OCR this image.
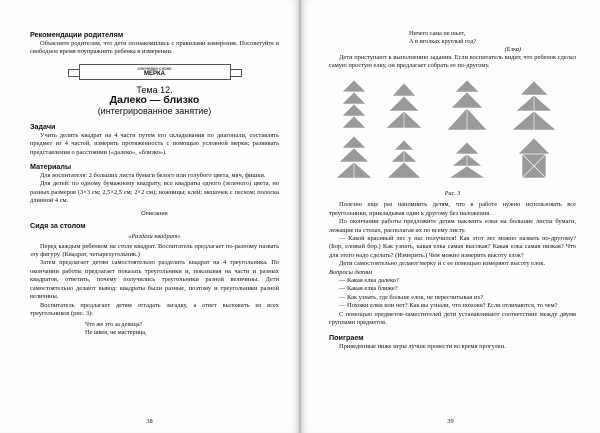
Рекомендации родителям

Объясните родителям, что дети познакомились с правилами измерения. Посоветуйте в свободное время поупражнять ребенка в измерении.

ключевое слово
МЕРКА
Тема 12.
Далеко — близко
(интегрированное занятие)
Задачи

Учить делить квадрат на 4 части путем его складывания по диагонали, составлять предмет из 4 частей, измерять протяженность с помощью условной мерки; развивать представления о расстоянии («далеко», «близко»).

Материалы

Для воспитателя: 2 больших листа бумаги белого или голубого цвета, мяч, фишки.

Для детей: по одному бумажному квадрату, все квадраты одного (зеленого) цвета, но разных размеров (3×3 см; 2,5×2,5 см; 2×2 см); ножницы; клей; мешочек с песком; полоска длинной 4 см.

Описание
Сидя за столом
«Раздели квадрат»

Перед каждым ребенком на столе квадрат. Воспитатель предлагает по-разному назвать эту фигуру. (Квадрат, четырехугольник.)

Затем предлагает детям самостоятельно разделить квадрат на 4 треугольника. По окончании работы предлагает показать треугольники и, показывая на части и разных квадратов, ответить, почему получились треугольники разной величины. Дети самостоятельно делают вывод: квадраты были разные, поэтому и треугольники разной величины.

Воспитатель предлагает детям отгадать загадку, а ответ выложить из всех треугольников (рис. 3):

Что же это за девица?
Не швея, не мастерица,
38
Ничего сама не шьет,
А в иголках круглый год?
(Елка)

Дети приступают к выполнению задания. Если воспитатель видит, что ребенок сделал самую простую елку, он предлагает собрать ее по-другому.

Рис. 3

Полезно еще раз напомнить детям, что в работе нужно использовать все треугольники, прикладывая один к другому без наложения.

По окончании работы предложите детям наклеить елки на большие листы бумаги, лежащие на столах, располагая их по всему листу.

— Какой красивый лес у нас получился! Как этот лес можно назвать по-другому? (Бор, еловый бор.) Как узнать, какая елка самая высокая? Какая елка самая низкая? Что для этого надо сделать? (Измерить.) Чем можно измерить высоту елок?

Дети самостоятельно делают мерку и с ее помощью измеряют высоту елок.

Вопросы детям

— Какая елка далеко?

— Какая елка ближе?

— Как узнать, где больше елок, не пересчитывая их?

— Похожи елки или нет? Как вы узнали, что похожи? Если отличаются, то чем?

С помощью предметов-заместителей дети устанавливают соответствие между двумя группами предметов.

Поиграем

Приведенные ниже игры лучше провести во время прогулки.

39
